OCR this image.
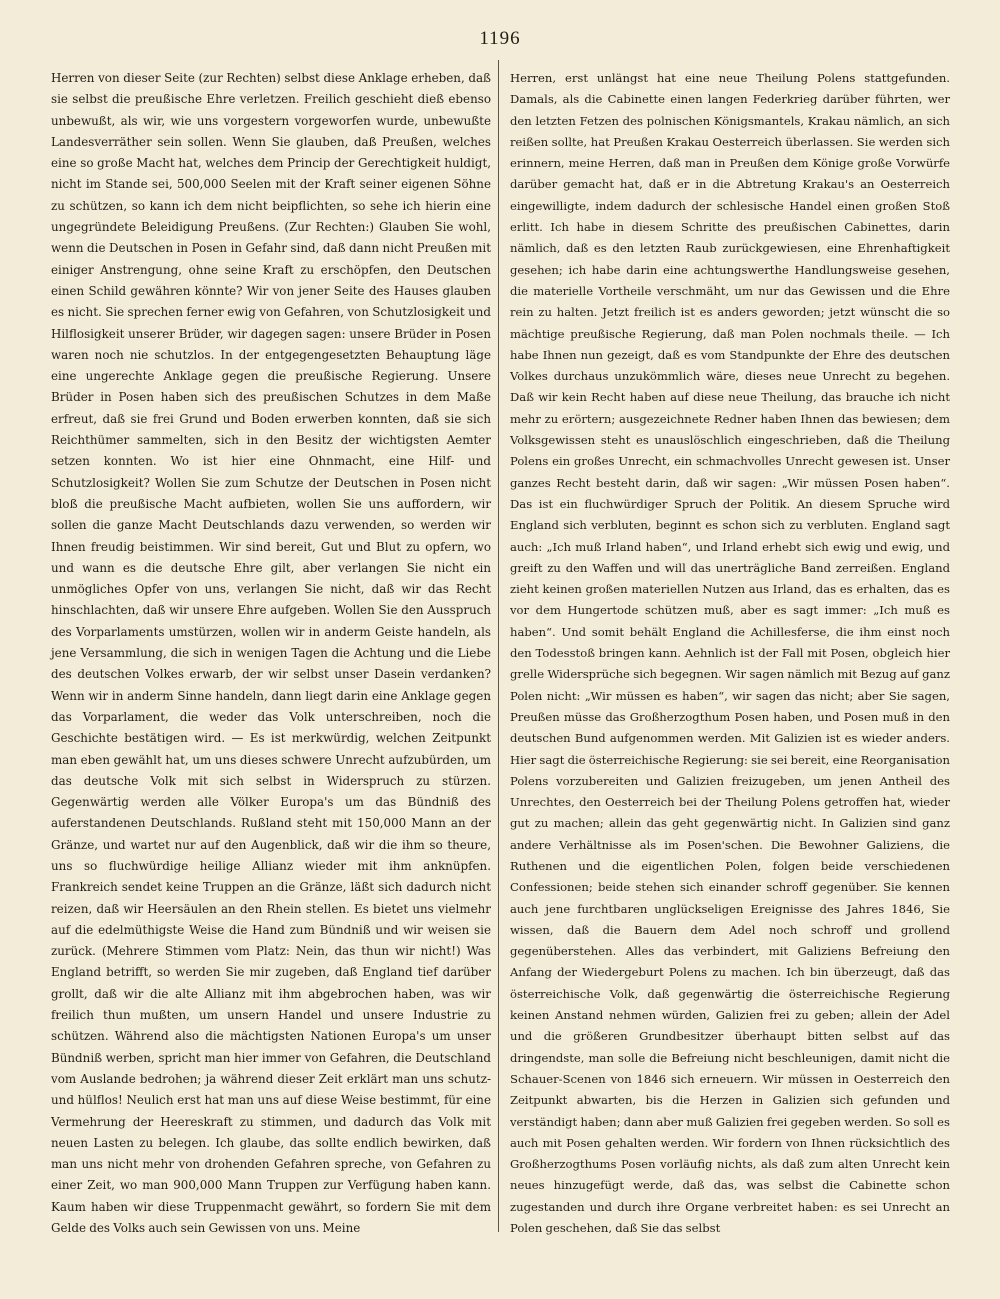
1196

Herren von dieser Seite (zur Rechten) selbst diese Anklage erheben, daß sie selbst die preußische Ehre verletzen. Freilich geschieht dieß ebenso unbewußt, als wir, wie uns vorgestern vorgeworfen wurde, unbewußte Landesverräther sein sollen. Wenn Sie glauben, daß Preußen, welches eine so große Macht hat, welches dem Princip der Gerechtigkeit huldigt, nicht im Stande sei, 500,000 Seelen mit der Kraft seiner eigenen Söhne zu schützen, so kann ich dem nicht beipflichten, so sehe ich hierin eine ungegründete Beleidigung Preußens. (Zur Rechten:) Glauben Sie wohl, wenn die Deutschen in Posen in Gefahr sind, daß dann nicht Preußen mit einiger Anstrengung, ohne seine Kraft zu erschöpfen, den Deutschen einen Schild gewähren könnte? Wir von jener Seite des Hauses glauben es nicht. Sie sprechen ferner ewig von Gefahren, von Schutzlosigkeit und Hilflosigkeit unserer Brüder, wir dagegen sagen: unsere Brüder in Posen waren noch nie schutzlos. In der entgegengesetzten Behauptung läge eine ungerechte Anklage gegen die preußische Regierung. Unsere Brüder in Posen haben sich des preußischen Schutzes in dem Maße erfreut, daß sie frei Grund und Boden erwerben konnten, daß sie sich Reichthümer sammelten, sich in den Besitz der wichtigsten Aemter setzen konnten. Wo ist hier eine Ohnmacht, eine Hilf- und Schutzlosigkeit? Wollen Sie zum Schutze der Deutschen in Posen nicht bloß die preußische Macht aufbieten, wollen Sie uns auffordern, wir sollen die ganze Macht Deutschlands dazu verwenden, so werden wir Ihnen freudig beistimmen. Wir sind bereit, Gut und Blut zu opfern, wo und wann es die deutsche Ehre gilt, aber verlangen Sie nicht ein unmögliches Opfer von uns, verlangen Sie nicht, daß wir das Recht hinschlachten, daß wir unsere Ehre aufgeben. Wollen Sie den Ausspruch des Vorparlaments umstürzen, wollen wir in anderm Geiste handeln, als jene Versammlung, die sich in wenigen Tagen die Achtung und die Liebe des deutschen Volkes erwarb, der wir selbst unser Dasein verdanken? Wenn wir in anderm Sinne handeln, dann liegt darin eine Anklage gegen das Vorparlament, die weder das Volk unterschreiben, noch die Geschichte bestätigen wird. — Es ist merkwürdig, welchen Zeitpunkt man eben gewählt hat, um uns dieses schwere Unrecht aufzubürden, um das deutsche Volk mit sich selbst in Widerspruch zu stürzen. Gegenwärtig werden alle Völker Europa's um das Bündniß des auferstandenen Deutschlands. Rußland steht mit 150,000 Mann an der Gränze, und wartet nur auf den Augenblick, daß wir die ihm so theure, uns so fluchwürdige heilige Allianz wieder mit ihm anknüpfen. Frankreich sendet keine Truppen an die Gränze, läßt sich dadurch nicht reizen, daß wir Heersäulen an den Rhein stellen. Es bietet uns vielmehr auf die edelmüthigste Weise die Hand zum Bündniß und wir weisen sie zurück. (Mehrere Stimmen vom Platz: Nein, das thun wir nicht!) Was England betrifft, so werden Sie mir zugeben, daß England tief darüber grollt, daß wir die alte Allianz mit ihm abgebrochen haben, was wir freilich thun mußten, um unsern Handel und unsere Industrie zu schützen. Während also die mächtigsten Nationen Europa's um unser Bündniß werben, spricht man hier immer von Gefahren, die Deutschland vom Auslande bedrohen; ja während dieser Zeit erklärt man uns schutz- und hülflos! Neulich erst hat man uns auf diese Weise bestimmt, für eine Vermehrung der Heereskraft zu stimmen, und dadurch das Volk mit neuen Lasten zu belegen. Ich glaube, das sollte endlich bewirken, daß man uns nicht mehr von drohenden Gefahren spreche, von Gefahren zu einer Zeit, wo man 900,000 Mann Truppen zur Verfügung haben kann. Kaum haben wir diese Truppenmacht gewährt, so fordern Sie mit dem Gelde des Volks auch sein Gewissen von uns. Meine

Herren, erst unlängst hat eine neue Theilung Polens stattgefunden. Damals, als die Cabinette einen langen Federkrieg darüber führten, wer den letzten Fetzen des polnischen Königsmantels, Krakau nämlich, an sich reißen sollte, hat Preußen Krakau Oesterreich überlassen. Sie werden sich erinnern, meine Herren, daß man in Preußen dem Könige große Vorwürfe darüber gemacht hat, daß er in die Abtretung Krakau's an Oesterreich eingewilligte, indem dadurch der schlesische Handel einen großen Stoß erlitt. Ich habe in diesem Schritte des preußischen Cabinettes, darin nämlich, daß es den letzten Raub zurückgewiesen, eine Ehrenhaftigkeit gesehen; ich habe darin eine achtungswerthe Handlungsweise gesehen, die materielle Vortheile verschmäht, um nur das Gewissen und die Ehre rein zu halten. Jetzt freilich ist es anders geworden; jetzt wünscht die so mächtige preußische Regierung, daß man Polen nochmals theile. — Ich habe Ihnen nun gezeigt, daß es vom Standpunkte der Ehre des deutschen Volkes durchaus unzukömmlich wäre, dieses neue Unrecht zu begehen. Daß wir kein Recht haben auf diese neue Theilung, das brauche ich nicht mehr zu erörtern; ausgezeichnete Redner haben Ihnen das bewiesen; dem Volksgewissen steht es unauslöschlich eingeschrieben, daß die Theilung Polens ein großes Unrecht, ein schmachvolles Unrecht gewesen ist. Unser ganzes Recht besteht darin, daß wir sagen: „Wir müssen Posen haben“. Das ist ein fluchwürdiger Spruch der Politik. An diesem Spruche wird England sich verbluten, beginnt es schon sich zu verbluten. England sagt auch: „Ich muß Irland haben“, und Irland erhebt sich ewig und ewig, und greift zu den Waffen und will das unerträgliche Band zerreißen. England zieht keinen großen materiellen Nutzen aus Irland, das es erhalten, das es vor dem Hungertode schützen muß, aber es sagt immer: „Ich muß es haben“. Und somit behält England die Achillesferse, die ihm einst noch den Todesstoß bringen kann. Aehnlich ist der Fall mit Posen, obgleich hier grelle Widersprüche sich begegnen. Wir sagen nämlich mit Bezug auf ganz Polen nicht: „Wir müssen es haben“, wir sagen das nicht; aber Sie sagen, Preußen müsse das Großherzogthum Posen haben, und Posen muß in den deutschen Bund aufgenommen werden. Mit Galizien ist es wieder anders. Hier sagt die österreichische Regierung: sie sei bereit, eine Reorganisation Polens vorzubereiten und Galizien freizugeben, um jenen Antheil des Unrechtes, den Oesterreich bei der Theilung Polens getroffen hat, wieder gut zu machen; allein das geht gegenwärtig nicht. In Galizien sind ganz andere Verhältnisse als im Posen'schen. Die Bewohner Galiziens, die Ruthenen und die eigentlichen Polen, folgen beide verschiedenen Confessionen; beide stehen sich einander schroff gegenüber. Sie kennen auch jene furchtbaren unglückseligen Ereignisse des Jahres 1846, Sie wissen, daß die Bauern dem Adel noch schroff und grollend gegenüberstehen. Alles das verbindert, mit Galiziens Befreiung den Anfang der Wiedergeburt Polens zu machen. Ich bin überzeugt, daß das österreichische Volk, daß gegenwärtig die österreichische Regierung keinen Anstand nehmen würden, Galizien frei zu geben; allein der Adel und die größeren Grundbesitzer überhaupt bitten selbst auf das dringendste, man solle die Befreiung nicht beschleunigen, damit nicht die Schauer-Scenen von 1846 sich erneuern. Wir müssen in Oesterreich den Zeitpunkt abwarten, bis die Herzen in Galizien sich gefunden und verständigt haben; dann aber muß Galizien frei gegeben werden. So soll es auch mit Posen gehalten werden. Wir fordern von Ihnen rücksichtlich des Großherzogthums Posen vorläufig nichts, als daß zum alten Unrecht kein neues hinzugefügt werde, daß das, was selbst die Cabinette schon zugestanden und durch ihre Organe verbreitet haben: es sei Unrecht an Polen geschehen, daß Sie das selbst
